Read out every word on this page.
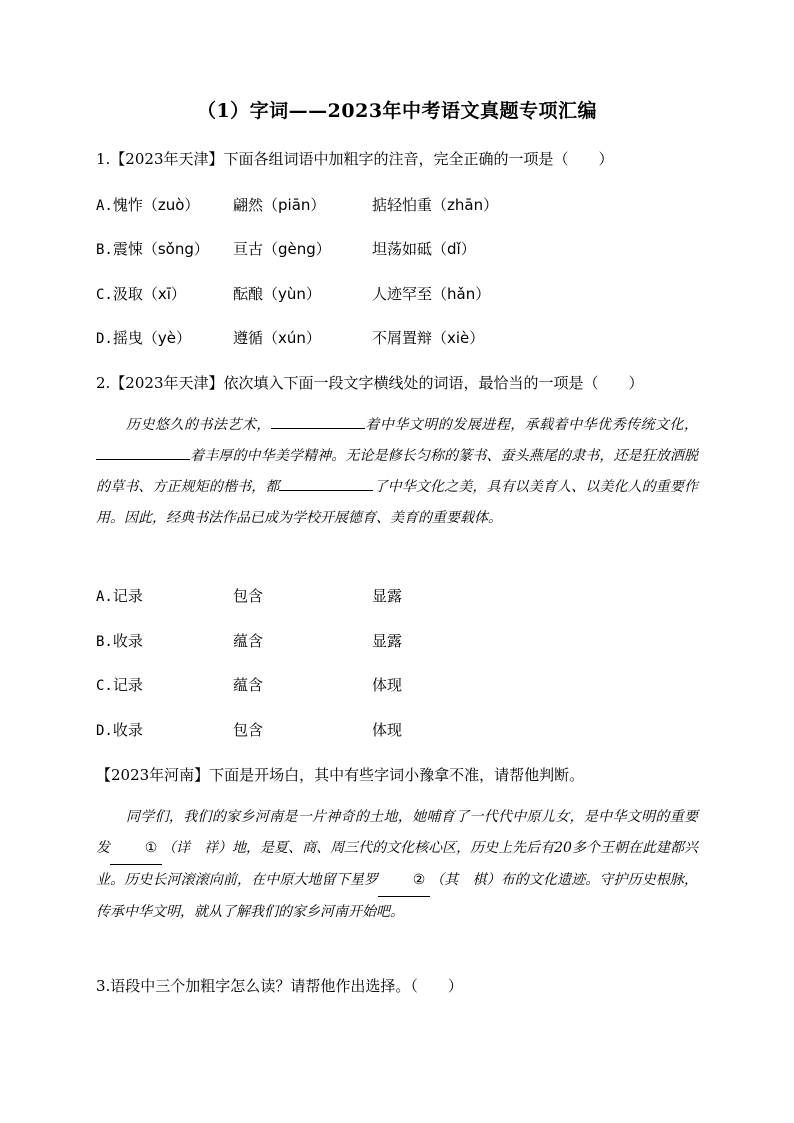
（1）字词——2023年中考语文真题专项汇编
1.【2023年天津】下面各组词语中加粗字的注音，完全正确的一项是（　　）
A.愧怍（zuò） 翩然（piān）	掂轻怕重（zhān）
B.震悚（sǒng） 亘古（gèng）	坦荡如砥（dǐ）
C.汲取（xī）	酝酿（yùn）	人迹罕至（hǎn）
D.摇曳（yè）	遵循（xún）	不屑置辩（xiè）
2.【2023年天津】依次填入下面一段文字横线处的词语，最恰当的一项是（　　）

历史悠久的书法艺术，	着中华文明的发展进程，承载着中华优秀传统文化，着丰厚的中华美学精神。无论是修长匀称的篆书、蚕头燕尾的隶书，还是狂放洒脱的草书、方正规矩的楷书，都	了中华文化之美，具有以美育人、以美化人的重要作用。因此，经典书法作品已成为学校开展德育、美育的重要载体。

A.记录	包含	显露
B.收录	蕴含	显露
C.记录	蕴含	体现
D.收录	包含	体现
【2023年河南】下面是开场白，其中有些字词小豫拿不准，请帮他判断。

同学们，我们的家乡河南是一片神奇的土地，她哺育了一代代中原儿女，是中华文明的重要发 ① （详　祥）地，是夏、商、周三代的文化核心区，历史上先后有20多个王朝在此建都兴业。历史长河滚滚向前，在中原大地留下星罗 ② （其　棋）布的文化遗迹。守护历史根脉，传承中华文明，就从了解我们的家乡河南开始吧。

3.语段中三个加粗字怎么读？请帮他作出选择。（　　）
